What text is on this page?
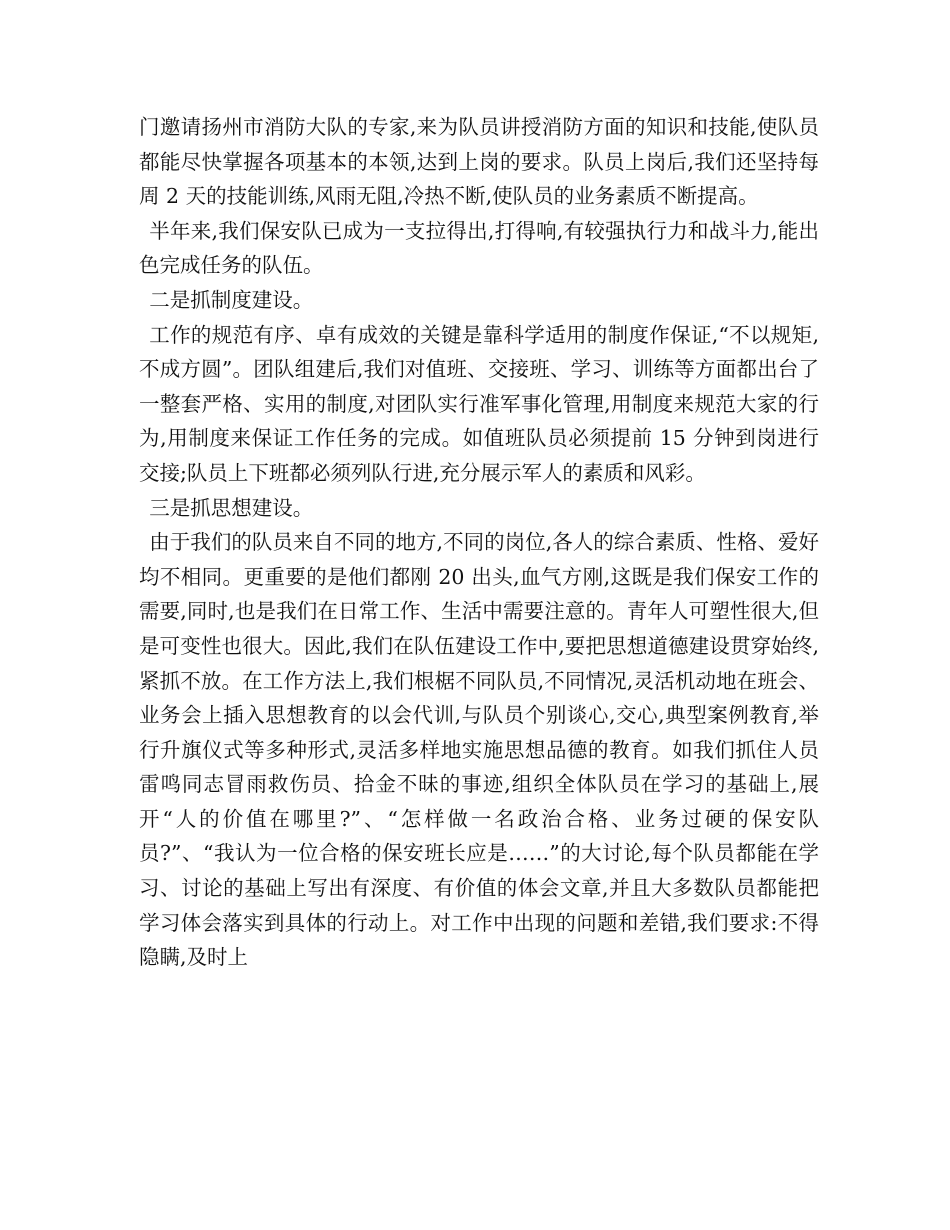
门邀请扬州市消防大队的专家,来为队员讲授消防方面的知识和技能,使队员都能尽快掌握各项基本的本领,达到上岗的要求。队员上岗后,我们还坚持每周 2 天的技能训练,风雨无阻,冷热不断,使队员的业务素质不断提高。

半年来,我们保安队已成为一支拉得出,打得响,有较强执行力和战斗力,能出色完成任务的队伍。

二是抓制度建设。

工作的规范有序、卓有成效的关键是靠科学适用的制度作保证,“不以规矩,不成方圆”。团队组建后,我们对值班、交接班、学习、训练等方面都出台了一整套严格、实用的制度,对团队实行准军事化管理,用制度来规范大家的行为,用制度来保证工作任务的完成。如值班队员必须提前 15 分钟到岗进行交接;队员上下班都必须列队行进,充分展示军人的素质和风彩。

三是抓思想建设。

由于我们的队员来自不同的地方,不同的岗位,各人的综合素质、性格、爱好均不相同。更重要的是他们都刚 20 出头,血气方刚,这既是我们保安工作的需要,同时,也是我们在日常工作、生活中需要注意的。青年人可塑性很大,但是可变性也很大。因此,我们在队伍建设工作中,要把思想道德建设贯穿始终,紧抓不放。在工作方法上,我们根椐不同队员,不同情况,灵活机动地在班会、业务会上插入思想教育的以会代训,与队员个别谈心,交心,典型案例教育,举行升旗仪式等多种形式,灵活多样地实施思想品德的教育。如我们抓住人员雷鸣同志冒雨救伤员、拾金不昧的事迹,组织全体队员在学习的基础上,展开“人的价值在哪里?”、“怎样做一名政治合格、业务过硬的保安队员?”、“我认为一位合格的保安班长应是……”的大讨论,每个队员都能在学习、讨论的基础上写出有深度、有价值的体会文章,并且大多数队员都能把学习体会落实到具体的行动上。对工作中出现的问题和差错,我们要求:不得隐瞒,及时上
